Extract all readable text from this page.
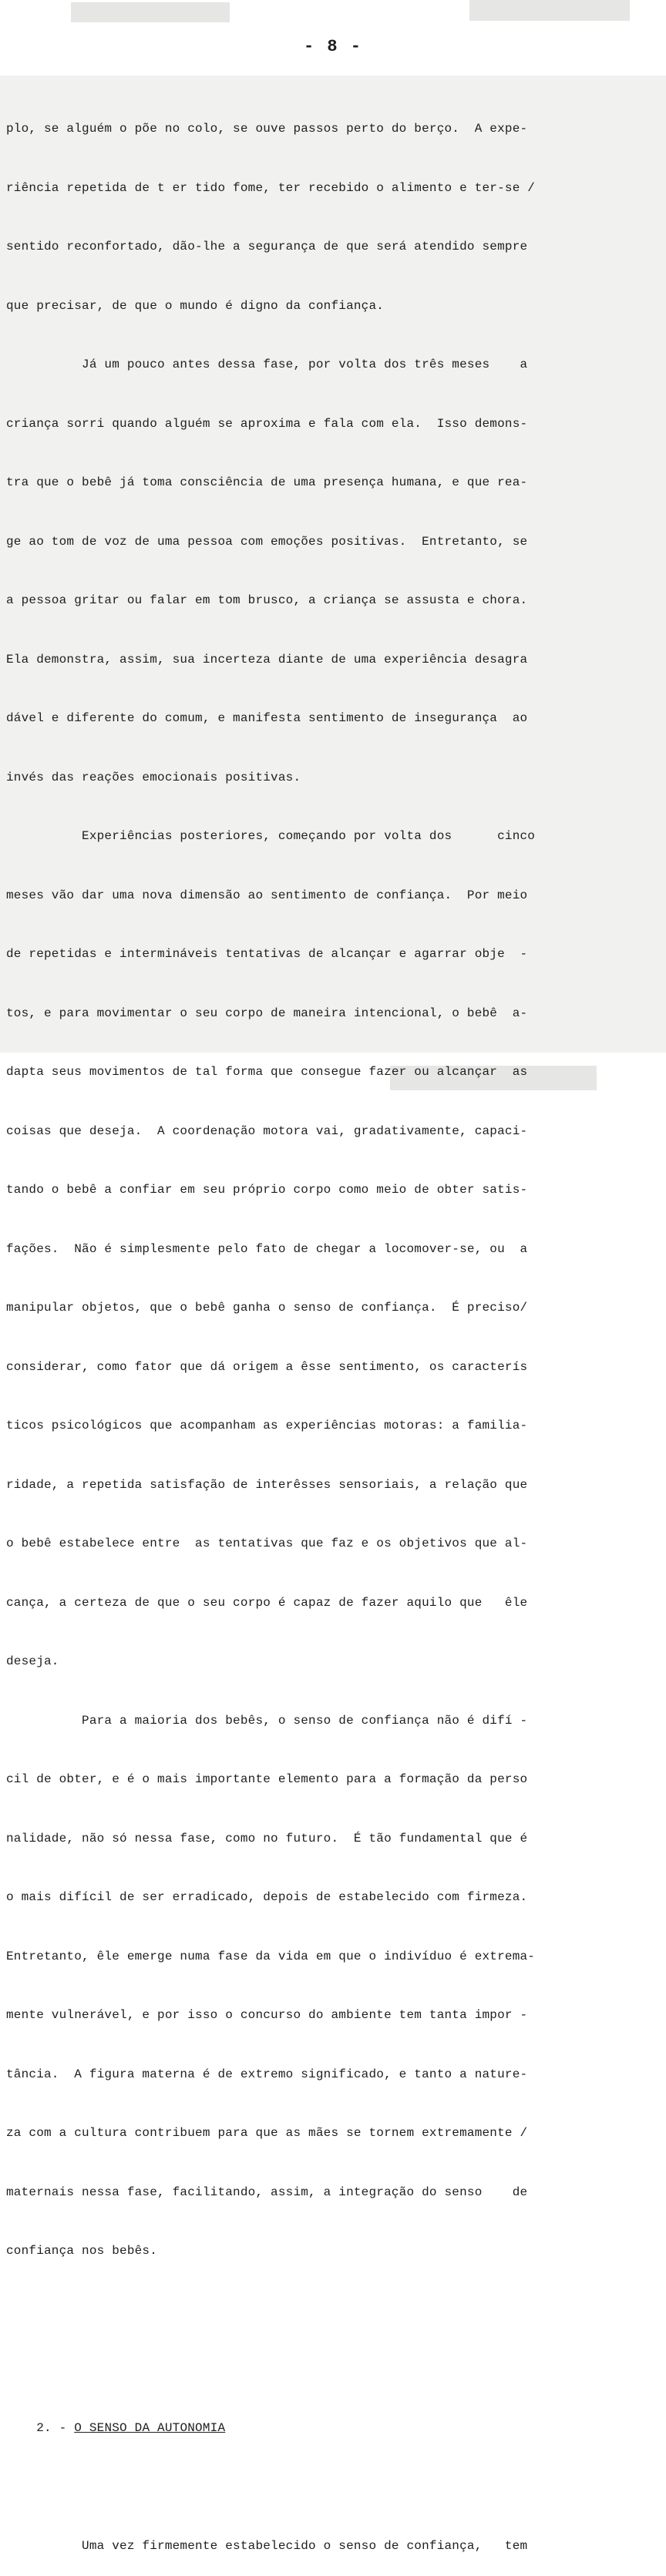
- 8 -

plo, se alguém o põe no colo, se ouve passos perto do berço.  A expe-

riência repetida de t er tido fome, ter recebido o alimento e ter-se /

sentido reconfortado, dão-lhe a segurança de que será atendido sempre

que precisar, de que o mundo é digno da confiança.

Já um pouco antes dessa fase, por volta dos três meses    a

criança sorri quando alguém se aproxima e fala com ela.  Isso demons-

tra que o bebê já toma consciência de uma presença humana, e que rea-

ge ao tom de voz de uma pessoa com emoções positivas.  Entretanto, se

a pessoa gritar ou falar em tom brusco, a criança se assusta e chora.

Ela demonstra, assim, sua incerteza diante de uma experiência desagra

dável e diferente do comum, e manifesta sentimento de insegurança  ao

invés das reações emocionais positivas.

Experiências posteriores, começando por volta dos      cinco

meses vão dar uma nova dimensão ao sentimento de confiança.  Por meio

de repetidas e intermináveis tentativas de alcançar e agarrar obje  -

tos, e para movimentar o seu corpo de maneira intencional, o bebê  a-

dapta seus movimentos de tal forma que consegue fazer ou alcançar  as

coisas que deseja.  A coordenação motora vai, gradativamente, capaci-

tando o bebê a confiar em seu próprio corpo como meio de obter satis-

fações.  Não é simplesmente pelo fato de chegar a locomover-se, ou  a

manipular objetos, que o bebê ganha o senso de confiança.  É preciso/

considerar, como fator que dá origem a êsse sentimento, os caracterís

ticos psicológicos que acompanham as experiências motoras: a familia-

ridade, a repetida satisfação de interêsses sensoriais, a relação que

o bebê estabelece entre  as tentativas que faz e os objetivos que al-

cança, a certeza de que o seu corpo é capaz de fazer aquilo que   êle

deseja.

Para a maioria dos bebês, o senso de confiança não é difí -

cil de obter, e é o mais importante elemento para a formação da perso

nalidade, não só nessa fase, como no futuro.  É tão fundamental que é

o mais difícil de ser erradicado, depois de estabelecido com firmeza.

Entretanto, êle emerge numa fase da vida em que o indivíduo é extrema-

mente vulnerável, e por isso o concurso do ambiente tem tanta impor -

tância.  A figura materna é de extremo significado, e tanto a nature-

za com a cultura contribuem para que as mães se tornem extremamente /

maternais nessa fase, facilitando, assim, a integração do senso    de

confiança nos bebês.

2. - O SENSO DA AUTONOMIA

Uma vez firmemente estabelecido o senso de confiança,   tem
